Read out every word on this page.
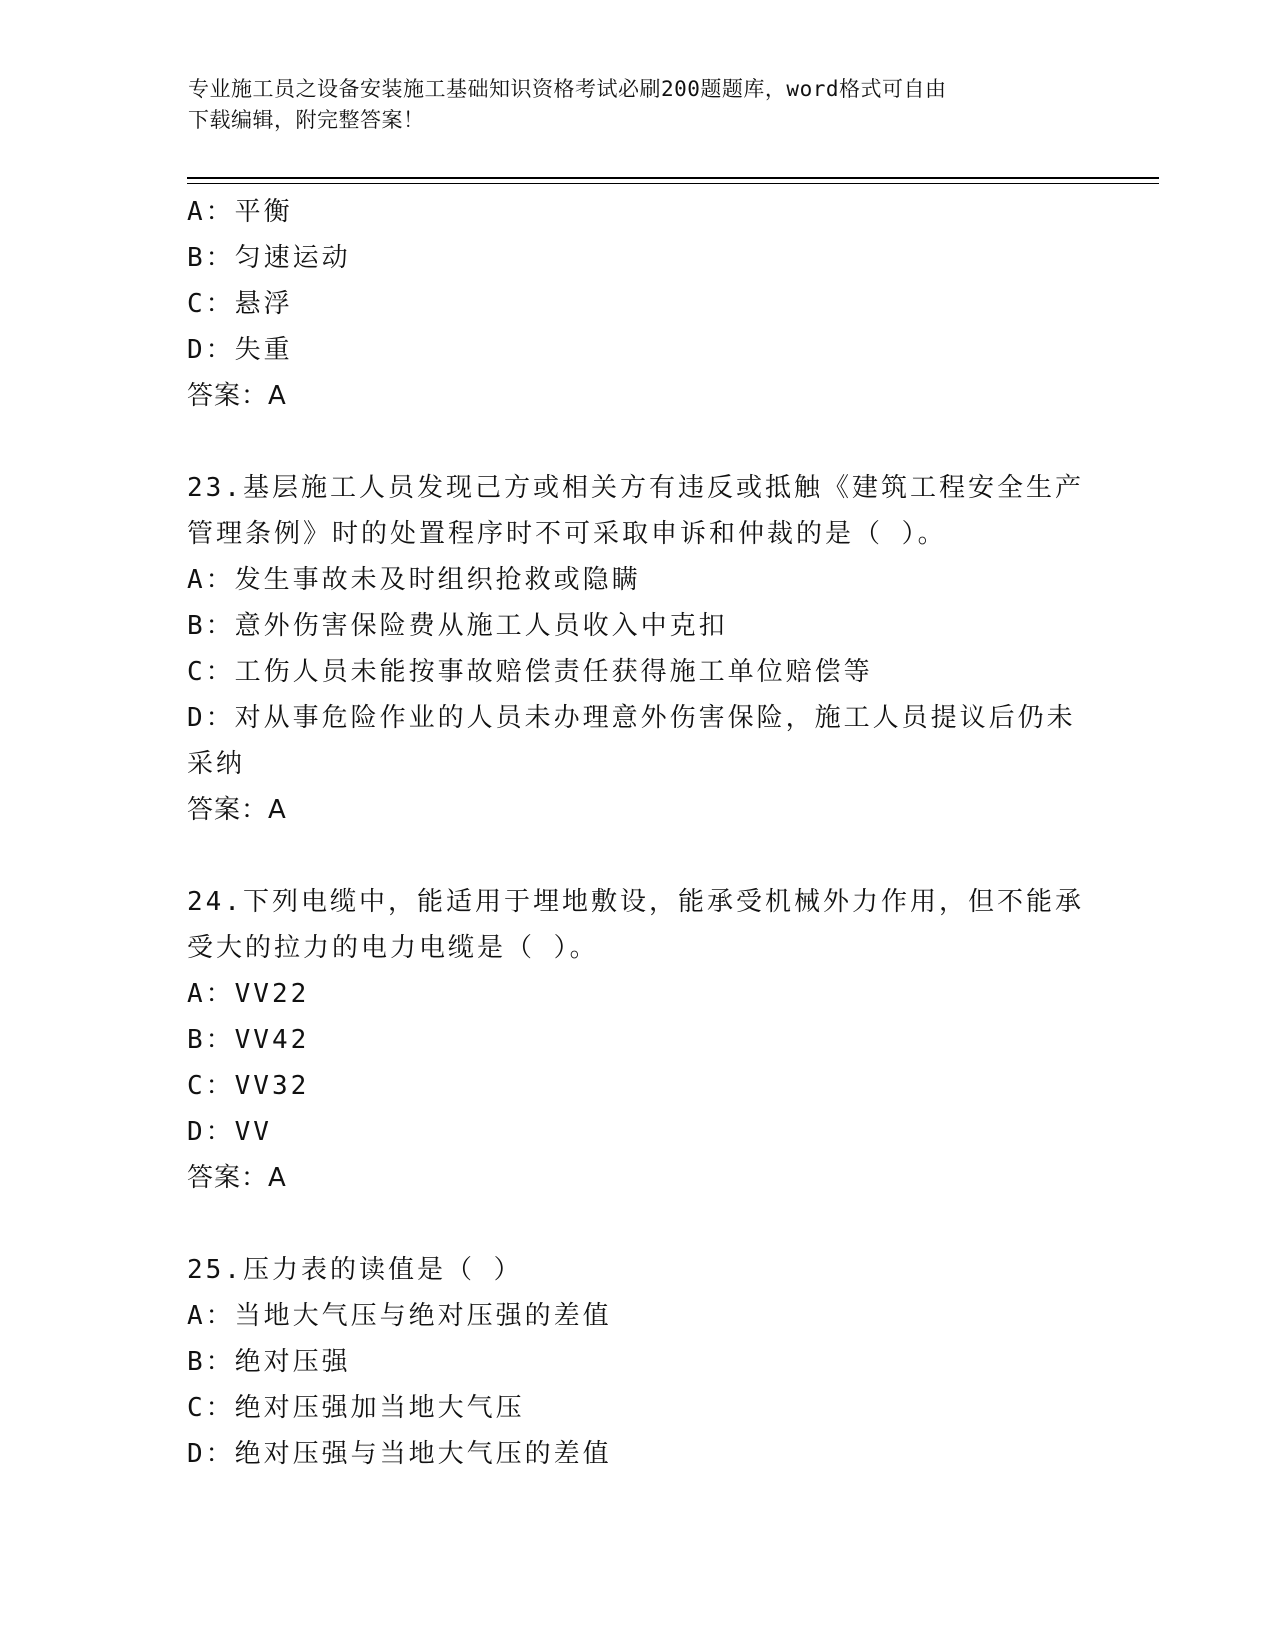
专业施工员之设备安装施工基础知识资格考试必刷200题题库，word格式可自由
下载编辑，附完整答案！

A：平衡

B：匀速运动

C：悬浮

D：失重

答案：A

23.基层施工人员发现己方或相关方有违反或抵触《建筑工程安全生产

管理条例》时的处置程序时不可采取申诉和仲裁的是（ ）。

A：发生事故未及时组织抢救或隐瞒

B：意外伤害保险费从施工人员收入中克扣

C：工伤人员未能按事故赔偿责任获得施工单位赔偿等

D：对从事危险作业的人员未办理意外伤害保险，施工人员提议后仍未

采纳

答案：A

24.下列电缆中，能适用于埋地敷设，能承受机械外力作用，但不能承

受大的拉力的电力电缆是（ ）。

A：VV22

B：VV42

C：VV32

D：VV

答案：A

25.压力表的读值是（ ）

A：当地大气压与绝对压强的差值

B：绝对压强

C：绝对压强加当地大气压

D：绝对压强与当地大气压的差值
